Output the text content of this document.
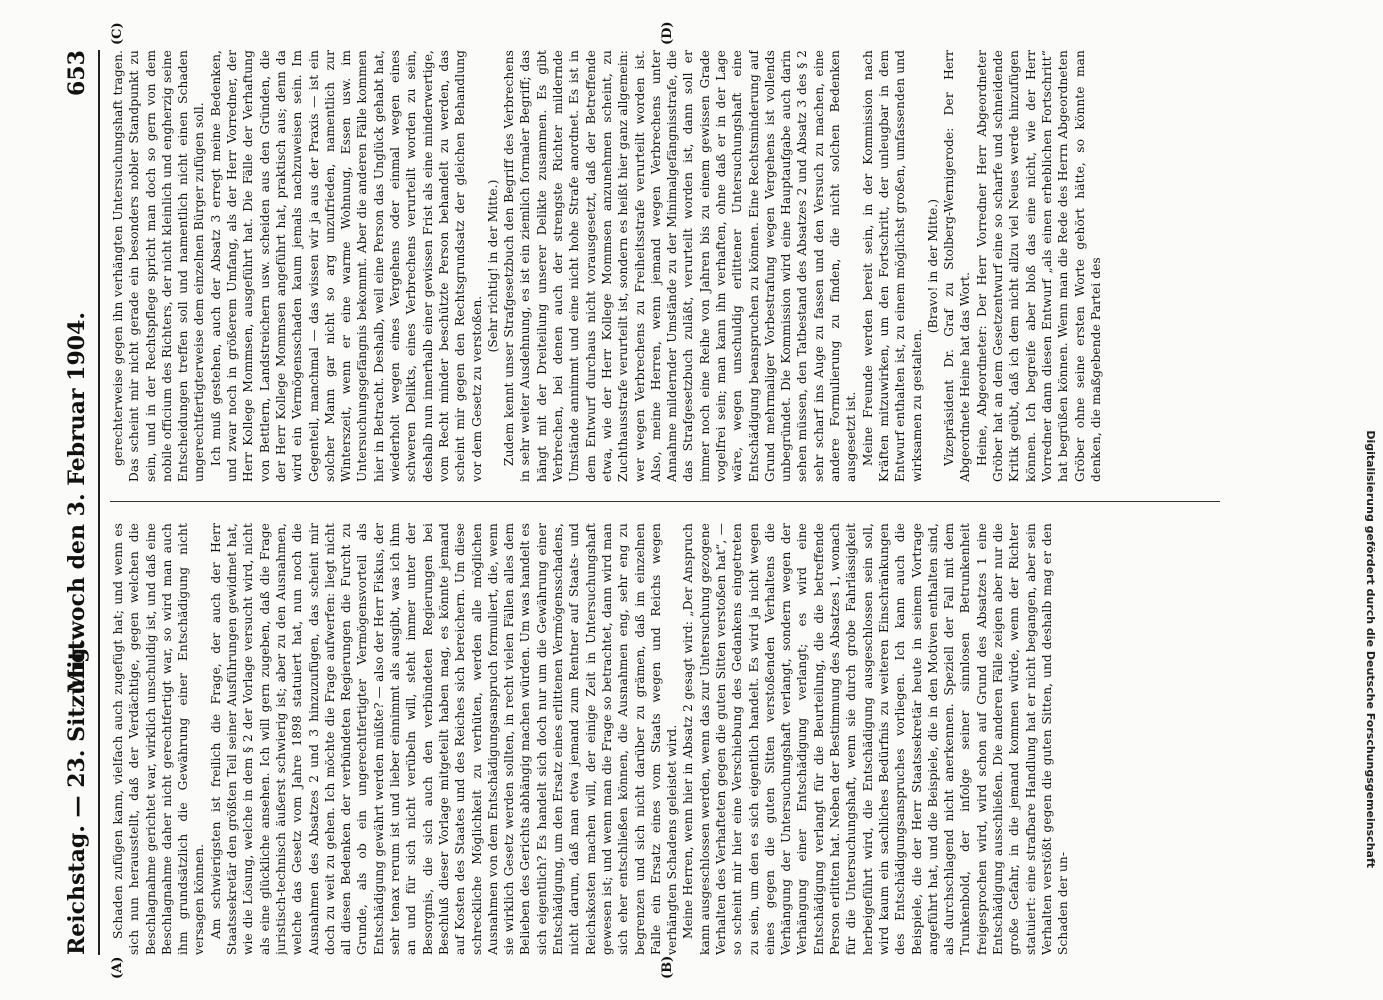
Reichstag. — 23. Sitzung.
Mittwoch den 3. Februar 1904.
653
(A)	(B)
(C)	(D)

Schaden zufügen kann, vielfach auch zugefügt hat; und wenn es sich nun herausstellt, daß der Verdächtige, gegen welchen die Beschlagnahme gerichtet war, wirklich unschuldig ist, und daß eine Beschlagnahme daher nicht gerechtfertigt war, so wird man auch ihm grundsätzlich die Gewährung einer Entschädigung nicht versagen können. Am schwierigsten ist freilich die Frage, der auch der Herr Staatssekretär den größten Teil seiner Ausführungen gewidmet hat, wie die Lösung, welche in dem § 2 der Vorlage versucht wird, nicht als eine glückliche ansehen. Ich will gern zugeben, daß die Frage juristisch-technisch äußerst schwierig ist; aber zu den Ausnahmen, welche das Gesetz vom Jahre 1898 statuiert hat, nun noch die Ausnahmen des Absatzes 2 und 3 hinzuzufügen, das scheint mir doch zu weit zu gehen. Ich möchte die Frage aufwerfen: liegt nicht all diesen Bedenken der verbündeten Regierungen die Furcht zu Grunde, als ob ein ungerechtfertigter Vermögensvorteil als Entschädigung gewährt werden müßte? — also der Herr Fiskus, der sehr tenax rerum ist und lieber einnimmt als ausgibt, was ich ihm an und für sich nicht verübeln will, steht immer unter der Besorgnis, die sich auch den verbündeten Regierungen bei Beschluß dieser Vorlage mitgeteilt haben mag, es könnte jemand auf Kosten des Staates und des Reiches sich bereichern. Um diese schreckliche Möglichkeit zu verhüten, werden alle möglichen Ausnahmen von dem Entschädigungsanspruch formuliert, die, wenn sie wirklich Gesetz werden sollten, in recht vielen Fällen alles dem Belieben des Gerichts abhängig machen würden. Um was handelt es sich eigentlich? Es handelt sich doch nur um die Gewährung einer Entschädigung, um den Ersatz eines erlittenen Vermögensschadens, nicht darum, daß man etwa jemand zum Rentner auf Staats- und Reichskosten machen will, der einige Zeit in Untersuchungshaft gewesen ist; und wenn man die Frage so betrachtet, dann wird man sich eher entschließen können, die Ausnahmen eng, sehr eng zu begrenzen und sich nicht darüber zu grämen, daß im einzelnen Falle ein Ersatz eines vom Staats wegen und Reichs wegen verhängten Schadens geleistet wird. Meine Herren, wenn hier in Absatz 2 gesagt wird: „Der Anspruch kann ausgeschlossen werden, wenn das zur Untersuchung gezogene Verhalten des Verhafteten gegen die guten Sitten verstoßen hat“, — so scheint mir hier eine Verschiebung des Gedankens eingetreten zu sein, um den es sich eigentlich handelt. Es wird ja nicht wegen eines gegen die guten Sitten verstoßenden Verhaltens die Verhängung der Untersuchungshaft verlangt, sondern wegen der Verhängung einer Entschädigung verlangt; es wird eine Entschädigung verlangt für die Beurteilung, die die betreffende Person erlitten hat. Neben der Bestimmung des Absatzes 1, wonach für die Untersuchungshaft, wenn sie durch grobe Fahrlässigkeit herbeigeführt wird, die Entschädigung ausgeschlossen sein soll, wird kaum ein sachliches Bedürfnis zu weiteren Einschränkungen des Entschädigungsanspruches vorliegen. Ich kann auch die Beispiele, die der Herr Staatssekretär heute in seinem Vortrage angeführt hat, und die Beispiele, die in den Motiven enthalten sind, als durchschlagend nicht anerkennen. Speziell der Fall mit dem Trunkenbold, der infolge seiner sinnlosen Betrunkenheit freigesprochen wird, wird schon auf Grund des Absatzes 1 eine Entschädigung ausschließen. Die anderen Fälle zeigen aber nur die große Gefahr, in die jemand kommen würde, wenn der Richter statuiert: eine strafbare Handlung hat er nicht begangen, aber sein Verhalten verstößt gegen die guten Sitten, und deshalb mag er den Schaden der un-

gerechterweise gegen ihn verhängten Untersuchungshaft tragen. Das scheint mir nicht gerade ein besonders nobler Standpunkt zu sein, und in der Rechtspflege spricht man doch so gern von dem nobile officium des Richters, der nicht kleinlich und engherzig seine Entscheidungen treffen soll und namentlich nicht einen Schaden ungerechtfertigterweise dem einzelnen Bürger zufügen soll. Ich muß gestehen, auch der Absatz 3 erregt meine Bedenken, und zwar noch in größerem Umfang, als der Herr Vorredner, der Herr Kollege Mommsen, ausgeführt hat. Die Fälle der Verhaftung von Bettlern, Landstreichern usw. scheiden aus den Gründen, die der Herr Kollege Mommsen angeführt hat, praktisch aus; denn da wird ein Vermögensschaden kaum jemals nachzuweisen sein. Im Gegenteil, manchmal — das wissen wir ja aus der Praxis — ist ein solcher Mann gar nicht so arg unzufrieden, namentlich zur Winterszeit, wenn er eine warme Wohnung, Essen usw. im Untersuchungsgefängnis bekommt. Aber die anderen Fälle kommen hier in Betracht. Deshalb, weil eine Person das Unglück gehabt hat, wiederholt wegen eines Vergehens oder einmal wegen eines schweren Delikts, eines Verbrechens verurteilt worden zu sein, deshalb nun innerhalb einer gewissen Frist als eine minderwertige, vom Recht minder beschützte Person behandelt zu werden, das scheint mir gegen den Rechtsgrundsatz der gleichen Behandlung vor dem Gesetz zu verstoßen.

(Sehr richtig! in der Mitte.) Zudem kennt unser Strafgesetzbuch den Begriff des Verbrechens in sehr weiter Ausdehnung, es ist ein ziemlich formaler Begriff; das hängt mit der Dreiteilung unserer Delikte zusammen. Es gibt Verbrechen, bei denen auch der strengste Richter mildernde Umstände annimmt und eine nicht hohe Strafe anordnet. Es ist in dem Entwurf durchaus nicht vorausgesetzt, daß der Betreffende etwa, wie der Herr Kollege Mommsen anzunehmen scheint, zu Zuchthausstrafe verurteilt ist, sondern es heißt hier ganz allgemein: wer wegen Verbrechens zu Freiheitsstrafe verurteilt worden ist. Also, meine Herren, wenn jemand wegen Verbrechens unter Annahme mildernder Umstände zu der Minimalgefängnisstrafe, die das Strafgesetzbuch zuläßt, verurteilt worden ist, dann soll er immer noch eine Reihe von Jahren bis zu einem gewissen Grade vogelfrei sein; man kann ihn verhaften, ohne daß er in der Lage wäre, wegen unschuldig erlittener Untersuchungshaft eine Entschädigung beanspruchen zu können. Eine Rechtsminderung auf Grund mehrmaliger Vorbestrafung wegen Vergehens ist vollends unbegründet. Die Kommission wird eine Hauptaufgabe auch darin sehen müssen, den Tatbestand des Absatzes 2 und Absatz 3 des § 2 sehr scharf ins Auge zu fassen und den Versuch zu machen, eine andere Formulierung zu finden, die nicht solchen Bedenken ausgesetzt ist. Meine Freunde werden bereit sein, in der Kommission nach Kräften mitzuwirken, um den Fortschritt, der unleugbar in dem Entwurf enthalten ist, zu einem möglichst großen, umfassenden und wirksamen zu gestalten.

(Bravo! in der Mitte.) Vizepräsident Dr. Graf zu Stolberg-Wernigerode: Der Herr Abgeordnete Heine hat das Wort. Heine, Abgeordneter: Der Herr Vorredner Herr Abgeordneter Gröber hat an dem Gesetzentwurf eine so scharfe und schneidende Kritik geübt, daß ich dem nicht allzu viel Neues werde hinzufügen können. Ich begreife aber bloß das eine nicht, wie der Herr Vorredner dann diesen Entwurf „als einen erheblichen Fortschritt“ hat begrüßen können. Wenn man die Rede des Herrn Abgeordneten Gröber ohne seine ersten Worte gehört hätte, so könnte man denken, die maßgebende Partei des

Digitalisierung gefördert durch die Deutsche Forschungsgemeinschaft
